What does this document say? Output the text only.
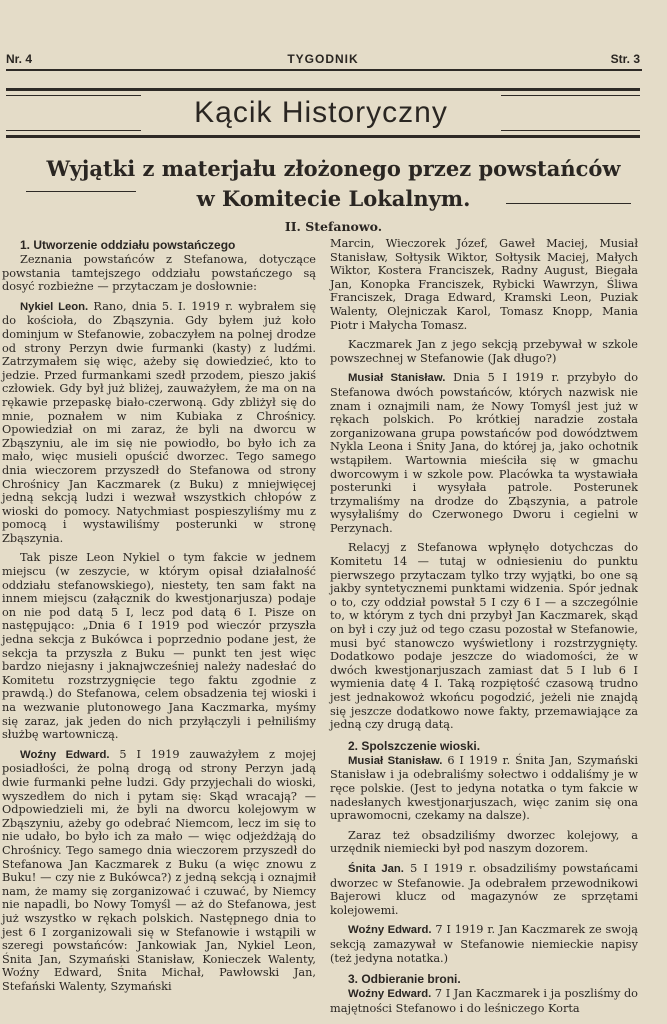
Nr. 4	TYGODNIK	Str. 3
Kącik Historyczny
Wyjątki z materjału złożonego przez powstańców
w Komitecie Lokalnym.
II. Stefanowo.

1. Utworzenie oddziału powstańczego

Zeznania powstańców z Stefanowa, dotyczące powstania tamtejszego oddziału powstańczego są dosyć rozbieżne — przytaczam je dosłownie:

Nykiel Leon. Rano, dnia 5. I. 1919 r. wybrałem się do kościoła, do Zbąszynia. Gdy byłem już koło dominjum w Stefanowie, zobaczyłem na polnej drodze od strony Perzyn dwie furmanki (kasty) z ludźmi. Zatrzymałem się więc, ażeby się dowiedzieć, kto to jedzie. Przed furmankami szedł przodem, pieszo jakiś człowiek. Gdy był już bliżej, zauważyłem, że ma on na rękawie przepaskę biało-czerwoną. Gdy zbliżył się do mnie, poznałem w nim Kubiaka z Chrośnicy. Opowiedział on mi zaraz, że byli na dworcu w Zbąszyniu, ale im się nie powiodło, bo było ich za mało, więc musieli opuścić dworzec. Tego samego dnia wieczorem przyszedł do Stefanowa od strony Chrośnicy Jan Kaczmarek (z Buku) z mniejwięcej jedną sekcją ludzi i wezwał wszystkich chłopów z wioski do pomocy. Natychmiast pospieszyliśmy mu z pomocą i wystawiliśmy posterunki w stronę Zbąszynia.

Tak pisze Leon Nykiel o tym fakcie w jednem miejscu (w zeszycie, w którym opisał działalność oddziału stefanowskiego), niestety, ten sam fakt na innem miejscu (załącznik do kwestjonarjusza) podaje on nie pod datą 5 I, lecz pod datą 6 I. Pisze on następująco: „Dnia 6 I 1919 pod wieczór przyszła jedna sekcja z Bukówca i poprzednio podane jest, że sekcja ta przyszła z Buku — punkt ten jest więc bardzo niejasny i jaknajwcześniej należy nadesłać do Komitetu rozstrzygnięcie tego faktu zgodnie z prawdą.) do Stefanowa, celem obsadzenia tej wioski i na wezwanie plutonowego Jana Kaczmarka, myśmy się zaraz, jak jeden do nich przyłączyli i pełniliśmy służbę wartowniczą.

Woźny Edward. 5 I 1919 zauważyłem z mojej posiadłości, że polną drogą od strony Perzyn jadą dwie furmanki pełne ludzi. Gdy przyjechali do wioski, wyszedłem do nich i pytam się: Skąd wracają? — Odpowiedzieli mi, że byli na dworcu kolejowym w Zbąszyniu, ażeby go odebrać Niemcom, lecz im się to nie udało, bo było ich za mało — więc odjeżdżają do Chrośnicy. Tego samego dnia wieczorem przyszedł do Stefanowa Jan Kaczmarek z Buku (a więc znowu z Buku! — czy nie z Bukówca?) z jedną sekcją i oznajmił nam, że mamy się zorganizować i czuwać, by Niemcy nie napadli, bo Nowy Tomyśl — aż do Stefanowa, jest już wszystko w rękach polskich. Następnego dnia to jest 6 I zorganizowali się w Stefanowie i wstąpili w szeregi powstańców: Jankowiak Jan, Nykiel Leon, Śnita Jan, Szymański Stanisław, Konieczek Walenty, Woźny Edward, Śnita Michał, Pawłowski Jan, Stefański Walenty, Szymański

Marcin, Wieczorek Józef, Gaweł Maciej, Musiał Stanisław, Sołtysik Wiktor, Sołtysik Maciej, Małych Wiktor, Kostera Franciszek, Radny August, Biegała Jan, Konopka Franciszek, Rybicki Wawrzyn, Śliwa Franciszek, Draga Edward, Kramski Leon, Puziak Walenty, Olejniczak Karol, Tomasz Knopp, Mania Piotr i Małycha Tomasz.

Kaczmarek Jan z jego sekcją przebywał w szkole powszechnej w Stefanowie (Jak długo?)

Musiał Stanisław. Dnia 5 I 1919 r. przybyło do Stefanowa dwóch powstańców, których nazwisk nie znam i oznajmili nam, że Nowy Tomyśl jest już w rękach polskich. Po krótkiej naradzie została zorganizowana grupa powstańców pod dowództwem Nykla Leona i Śnity Jana, do której ja, jako ochotnik wstąpiłem. Wartownia mieściła się w gmachu dworcowym i w szkole pow. Placówka ta wystawiała posterunki i wysyłała patrole. Posterunek trzymaliśmy na drodze do Zbąszynia, a patrole wysyłaliśmy do Czerwonego Dworu i cegielni w Perzynach.

Relacyj z Stefanowa wpłynęło dotychczas do Komitetu 14 — tutaj w odniesieniu do punktu pierwszego przytaczam tylko trzy wyjątki, bo one są jakby syntetycznemi punktami widzenia. Spór jednak o to, czy oddział powstał 5 I czy 6 I — a szczególnie to, w którym z tych dni przybył Jan Kaczmarek, skąd on był i czy już od tego czasu pozostał w Stefanowie, musi być stanowczo wyświetlony i rozstrzygnięty. Dodatkowo podaje jeszcze do wiadomości, że w dwóch kwestjonarjuszach zamiast dat 5 I lub 6 I wymienia datę 4 I. Taką rozpiętość czasową trudno jest jednakowoż wkońcu pogodzić, jeżeli nie znajdą się jeszcze dodatkowo nowe fakty, przemawiające za jedną czy drugą datą.

2. Spolszczenie wioski.

Musiał Stanisław. 6 I 1919 r. Śnita Jan, Szymański Stanisław i ja odebraliśmy sołectwo i oddaliśmy je w ręce polskie. (Jest to jedyna notatka o tym fakcie w nadesłanych kwestjonarjuszach, więc zanim się ona uprawomocni, czekamy na dalsze).

Zaraz też obsadziliśmy dworzec kolejowy, a urzędnik niemiecki był pod naszym dozorem.

Śnita Jan. 5 I 1919 r. obsadziliśmy powstańcami dworzec w Stefanowie. Ja odebrałem przewodnikowi Bajerowi klucz od magazynów ze sprzętami kolejowemi.

Woźny Edward. 7 I 1919 r. Jan Kaczmarek ze swoją sekcją zamazywał w Stefanowie niemieckie napisy (też jedyna notatka.)

3. Odbieranie broni.

Woźny Edward. 7 I Jan Kaczmarek i ja poszliśmy do majętności Stefanowo i do leśniczego Korta
